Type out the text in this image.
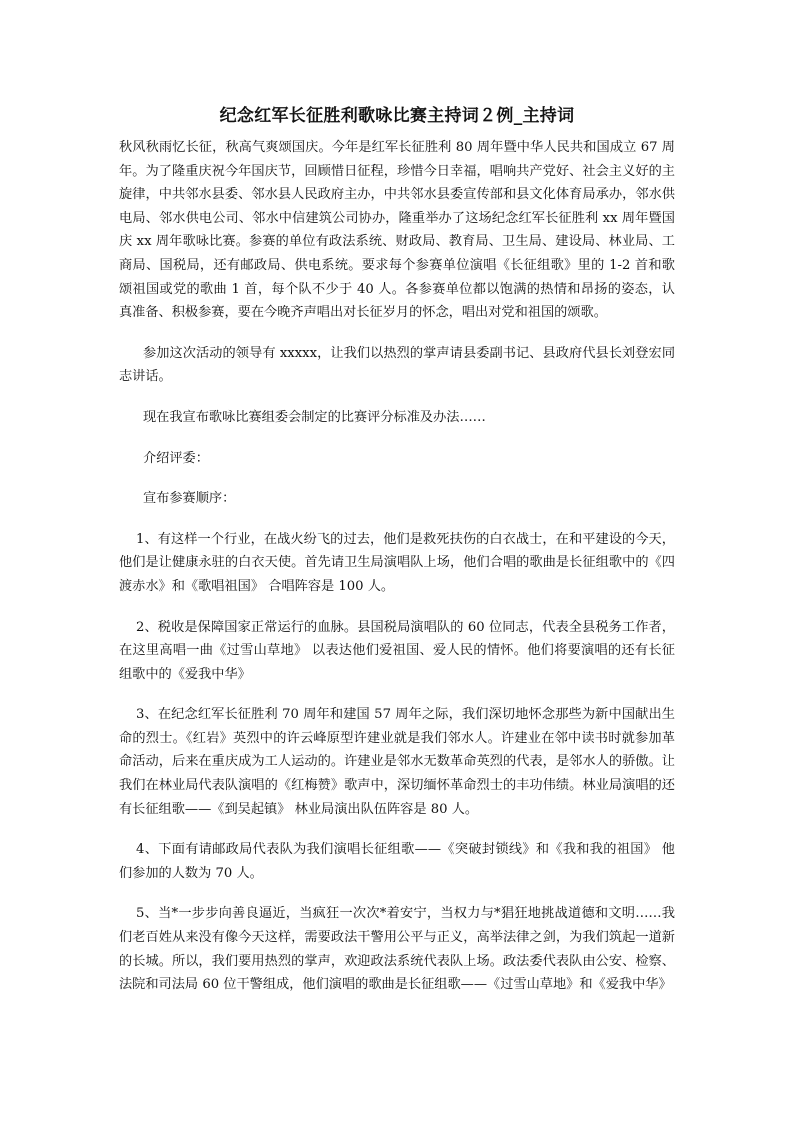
纪念红军长征胜利歌咏比赛主持词２例_主持词

秋风秋雨忆长征，秋高气爽颂国庆。今年是红军长征胜利 80 周年暨中华人民共和国成立 67 周年。为了隆重庆祝今年国庆节，回顾惜日征程，珍惜今日幸福，唱响共产党好、社会主义好的主旋律，中共邻水县委、邻水县人民政府主办，中共邻水县委宣传部和县文化体育局承办，邻水供电局、邻水供电公司、邻水中信建筑公司协办，隆重举办了这场纪念红军长征胜利 xx 周年暨国庆 xx 周年歌咏比赛。参赛的单位有政法系统、财政局、教育局、卫生局、建设局、林业局、工商局、国税局，还有邮政局、供电系统。要求每个参赛单位演唱《长征组歌》里的 1-2 首和歌颂祖国或党的歌曲 1 首，每个队不少于 40 人。各参赛单位都以饱满的热情和昂扬的姿态，认真准备、积极参赛，要在今晚齐声唱出对长征岁月的怀念，唱出对党和祖国的颂歌。

参加这次活动的领导有 xxxxx，让我们以热烈的掌声请县委副书记、县政府代县长刘登宏同志讲话。

现在我宣布歌咏比赛组委会制定的比赛评分标准及办法……

介绍评委：

宣布参赛顺序：

1、有这样一个行业，在战火纷飞的过去，他们是救死扶伤的白衣战士，在和平建设的今天，他们是让健康永驻的白衣天使。首先请卫生局演唱队上场，他们合唱的歌曲是长征组歌中的《四渡赤水》和《歌唱祖国》 合唱阵容是 100 人。

2、税收是保障国家正常运行的血脉。县国税局演唱队的 60 位同志，代表全县税务工作者，在这里高唱一曲《过雪山草地》 以表达他们爱祖国、爱人民的情怀。他们将要演唱的还有长征组歌中的《爱我中华》

3、在纪念红军长征胜利 70 周年和建国 57 周年之际，我们深切地怀念那些为新中国献出生命的烈士。《红岩》英烈中的许云峰原型许建业就是我们邻水人。许建业在邻中读书时就参加革命活动，后来在重庆成为工人运动的。许建业是邻水无数革命英烈的代表，是邻水人的骄傲。让我们在林业局代表队演唱的《红梅赞》歌声中，深切缅怀革命烈士的丰功伟绩。林业局演唱的还有长征组歌——《到吴起镇》 林业局演出队伍阵容是 80 人。

4、下面有请邮政局代表队为我们演唱长征组歌——《突破封锁线》和《我和我的祖国》 他们参加的人数为 70 人。

5、当*一步步向善良逼近，当疯狂一次次*着安宁，当权力与*猖狂地挑战道德和文明……我们老百姓从来没有像今天这样，需要政法干警用公平与正义，高举法律之剑，为我们筑起一道新的长城。所以，我们要用热烈的掌声，欢迎政法系统代表队上场。政法委代表队由公安、检察、法院和司法局 60 位干警组成，他们演唱的歌曲是长征组歌——《过雪山草地》和《爱我中华》
